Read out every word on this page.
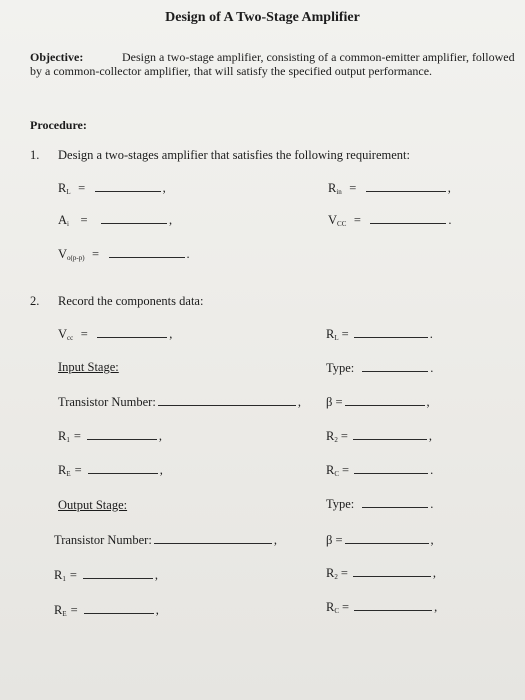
Design of A Two-Stage Amplifier
Objective:	Design a two-stage amplifier, consisting of a common-emitter amplifier, followed by a common-collector amplifier, that will satisfy the specified output performance.
Procedure:
1. Design a two-stages amplifier that satisfies the following requirement:
$R_L$ =	,	$R_{in}$ =	,
$A_i$ =	,	$V_{CC}$ =	.
$V_{o(p-p)}$ =	.
2. Record the components data:
$V_{cc}$ =	,	$R_L$ =	.
Input Stage:	Type:	.
Transistor Number:	, β =	,
$R_1$ =	,	$R_2$ =	,
$R_E$ =	,	$R_C$ =	.
Output Stage:	Type:	.
Transistor Number:	,	β =	,
$R_1$ =	,	$R_2$ =	,
$R_E$ =	,	$R_C$ =	,
